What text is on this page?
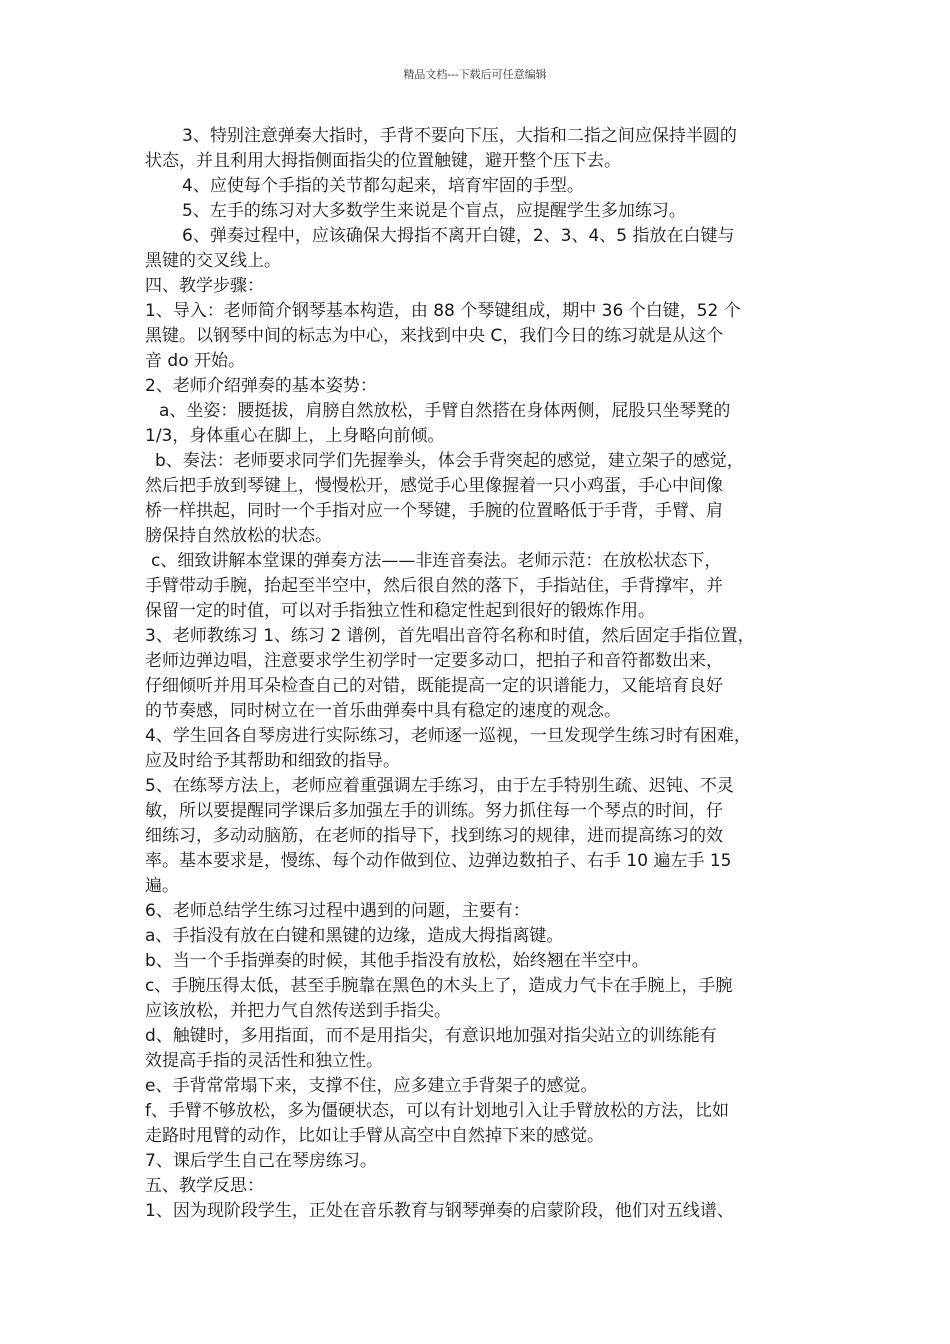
精品文档---下载后可任意编辑

3、特别注意弹奏大指时，手背不要向下压，大指和二指之间应保持半圆的

状态，并且利用大拇指侧面指尖的位置触键，避开整个压下去。

4、应使每个手指的关节都勾起来，培育牢固的手型。

5、左手的练习对大多数学生来说是个盲点，应提醒学生多加练习。

6、弹奏过程中，应该确保大拇指不离开白键，2、3、4、5 指放在白键与

黑键的交叉线上。

四、教学步骤：

1、导入：老师简介钢琴基本构造，由 88 个琴键组成，期中 36 个白键，52 个

黑键。以钢琴中间的标志为中心，来找到中央 C，我们今日的练习就是从这个

音 do 开始。

2、老师介绍弹奏的基本姿势：

a、坐姿：腰挺拔，肩膀自然放松，手臂自然搭在身体两侧，屁股只坐琴凳的

1/3，身体重心在脚上，上身略向前倾。

b、奏法：老师要求同学们先握拳头，体会手背突起的感觉，建立架子的感觉，

然后把手放到琴键上，慢慢松开，感觉手心里像握着一只小鸡蛋，手心中间像

桥一样拱起，同时一个手指对应一个琴键，手腕的位置略低于手背，手臂、肩

膀保持自然放松的状态。

c、细致讲解本堂课的弹奏方法——非连音奏法。老师示范：在放松状态下，

手臂带动手腕，抬起至半空中，然后很自然的落下，手指站住，手背撑牢，并

保留一定的时值，可以对手指独立性和稳定性起到很好的锻炼作用。

3、老师教练习 1、练习 2 谱例，首先唱出音符名称和时值，然后固定手指位置，

老师边弹边唱，注意要求学生初学时一定要多动口，把拍子和音符都数出来，

仔细倾听并用耳朵检查自己的对错，既能提高一定的识谱能力，又能培育良好

的节奏感，同时树立在一首乐曲弹奏中具有稳定的速度的观念。

4、学生回各自琴房进行实际练习，老师逐一巡视，一旦发现学生练习时有困难，

应及时给予其帮助和细致的指导。

5、在练琴方法上，老师应着重强调左手练习，由于左手特别生疏、迟钝、不灵

敏，所以要提醒同学课后多加强左手的训练。努力抓住每一个琴点的时间，仔

细练习，多动动脑筋，在老师的指导下，找到练习的规律，进而提高练习的效

率。基本要求是，慢练、每个动作做到位、边弹边数拍子、右手 10 遍左手 15

遍。

6、老师总结学生练习过程中遇到的问题，主要有：

a、手指没有放在白键和黑键的边缘，造成大拇指离键。

b、当一个手指弹奏的时候，其他手指没有放松，始终翘在半空中。

c、手腕压得太低，甚至手腕靠在黑色的木头上了，造成力气卡在手腕上，手腕

应该放松，并把力气自然传送到手指尖。

d、触键时，多用指面，而不是用指尖，有意识地加强对指尖站立的训练能有

效提高手指的灵活性和独立性。

e、手背常常塌下来，支撑不住，应多建立手背架子的感觉。

f、手臂不够放松，多为僵硬状态，可以有计划地引入让手臂放松的方法，比如

走路时甩臂的动作，比如让手臂从高空中自然掉下来的感觉。

7、课后学生自己在琴房练习。

五、教学反思：

1、因为现阶段学生，正处在音乐教育与钢琴弹奏的启蒙阶段，他们对五线谱、
